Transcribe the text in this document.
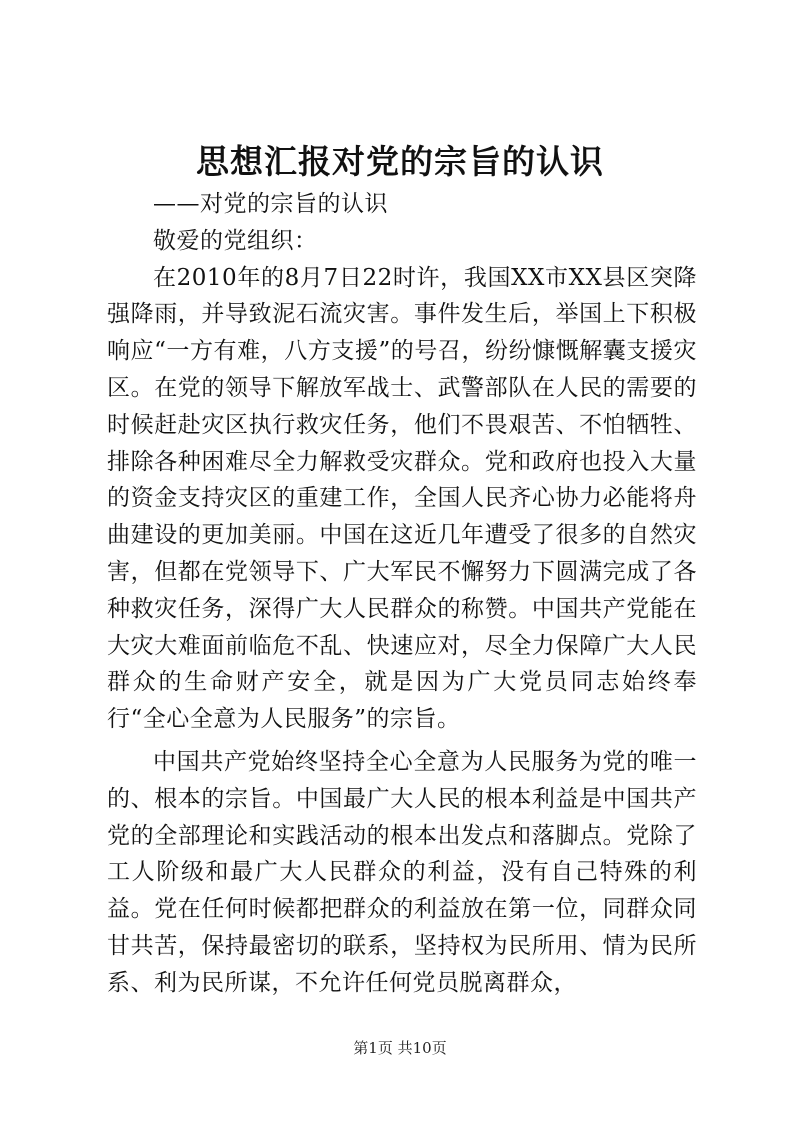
思想汇报对党的宗旨的认识

——对党的宗旨的认识

敬爱的党组织：

在2010年的8月7日22时许，我国XX市XX县区突降强降雨，并导致泥石流灾害。事件发生后，举国上下积极响应“一方有难，八方支援”的号召，纷纷慷慨解囊支援灾区。在党的领导下解放军战士、武警部队在人民的需要的时候赶赴灾区执行救灾任务，他们不畏艰苦、不怕牺牲、排除各种困难尽全力解救受灾群众。党和政府也投入大量的资金支持灾区的重建工作，全国人民齐心协力必能将舟曲建设的更加美丽。中国在这近几年遭受了很多的自然灾害，但都在党领导下、广大军民不懈努力下圆满完成了各种救灾任务，深得广大人民群众的称赞。中国共产党能在大灾大难面前临危不乱、快速应对，尽全力保障广大人民群众的生命财产安全，就是因为广大党员同志始终奉行“全心全意为人民服务”的宗旨。

中国共产党始终坚持全心全意为人民服务为党的唯一的、根本的宗旨。中国最广大人民的根本利益是中国共产党的全部理论和实践活动的根本出发点和落脚点。党除了工人阶级和最广大人民群众的利益，没有自己特殊的利益。党在任何时候都把群众的利益放在第一位，同群众同甘共苦，保持最密切的联系，坚持权为民所用、情为民所系、利为民所谋，不允许任何党员脱离群众，

第1页 共10页
